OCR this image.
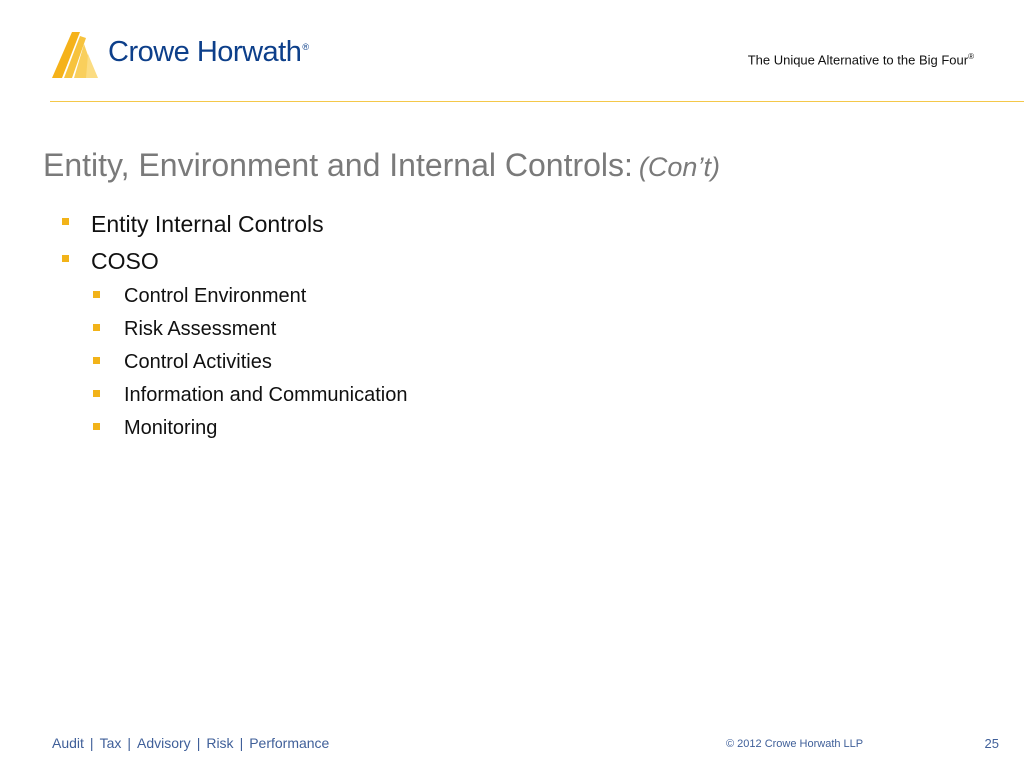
Crowe Horwath®
The Unique Alternative to the Big Four®
Entity, Environment and Internal Controls: (Con’t)
Entity Internal Controls
COSO
Control Environment
Risk Assessment
Control Activities
Information and Communication
Monitoring
Audit | Tax | Advisory | Risk | Performance	© 2012 Crowe Horwath LLP	25
